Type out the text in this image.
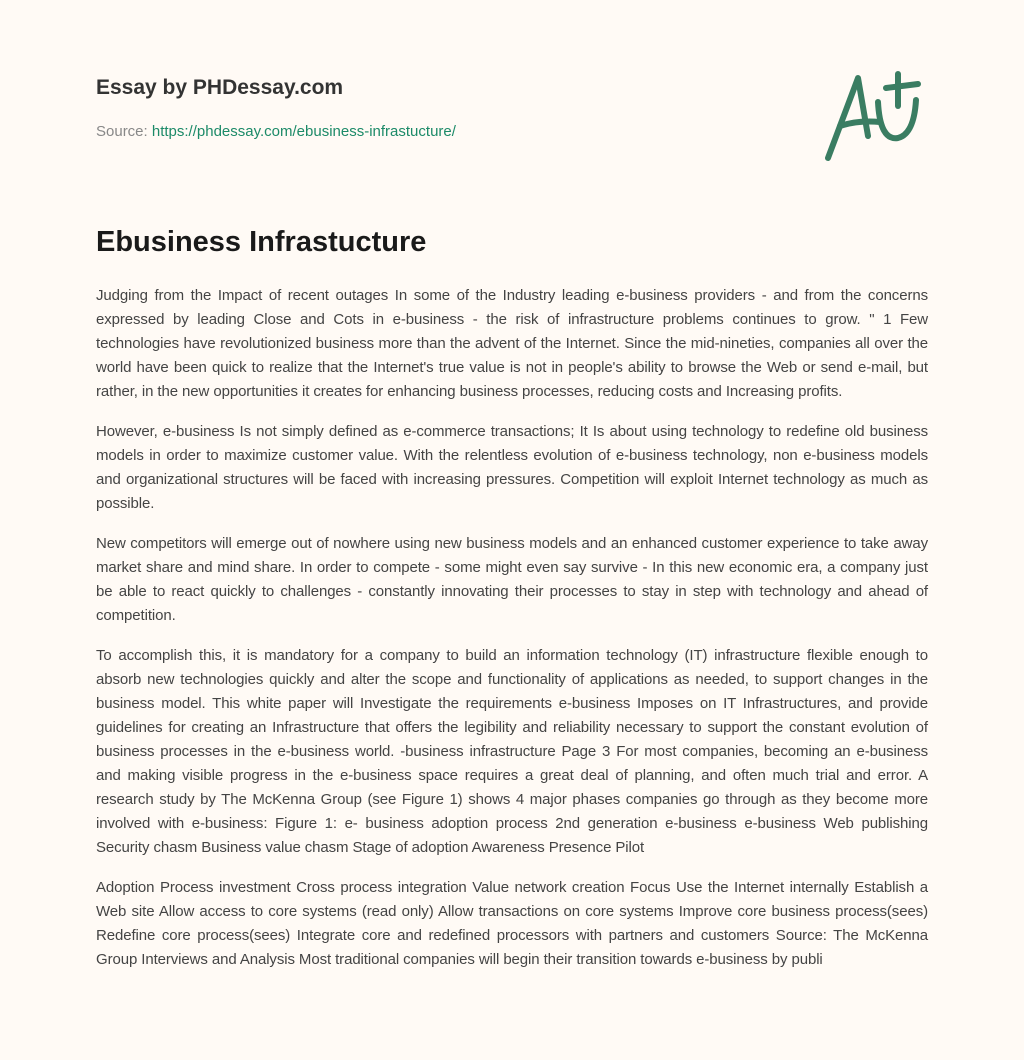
Essay by PHDessay.com
Source: https://phdessay.com/ebusiness-infrastucture/
Ebusiness Infrastucture

Judging from the Impact of recent outages In some of the Industry leading e-business providers - and from the concerns expressed by leading Close and Cots in e-business - the risk of infrastructure problems continues to grow. " 1 Few technologies have revolutionized business more than the advent of the Internet. Since the mid-nineties, companies all over the world have been quick to realize that the Internet's true value is not in people's ability to browse the Web or send e-mail, but rather, in the new opportunities it creates for enhancing business processes, reducing costs and Increasing profits.

However, e-business Is not simply defined as e-commerce transactions; It Is about using technology to redefine old business models in order to maximize customer value. With the relentless evolution of e-business technology, non e-business models and organizational structures will be faced with increasing pressures. Competition will exploit Internet technology as much as possible.

New competitors will emerge out of nowhere using new business models and an enhanced customer experience to take away market share and mind share. In order to compete - some might even say survive - In this new economic era, a company just be able to react quickly to challenges - constantly innovating their processes to stay in step with technology and ahead of competition.

To accomplish this, it is mandatory for a company to build an information technology (IT) infrastructure flexible enough to absorb new technologies quickly and alter the scope and functionality of applications as needed, to support changes in the business model. This white paper will Investigate the requirements e-business Imposes on IT Infrastructures, and provide guidelines for creating an Infrastructure that offers the legibility and reliability necessary to support the constant evolution of business processes in the e-business world. -business infrastructure Page 3 For most companies, becoming an e-business and making visible progress in the e-business space requires a great deal of planning, and often much trial and error. A research study by The McKenna Group (see Figure 1) shows 4 major phases companies go through as they become more involved with e-business: Figure 1: e- business adoption process 2nd generation e-business e-business Web publishing Security chasm Business value chasm Stage of adoption Awareness Presence Pilot

Adoption Process investment Cross process integration Value network creation Focus Use the Internet internally Establish a Web site Allow access to core systems (read only) Allow transactions on core systems Improve core business process(sees) Redefine core process(sees) Integrate core and redefined processors with partners and customers Source: The McKenna Group Interviews and Analysis Most traditional companies will begin their transition towards e-business by publi
